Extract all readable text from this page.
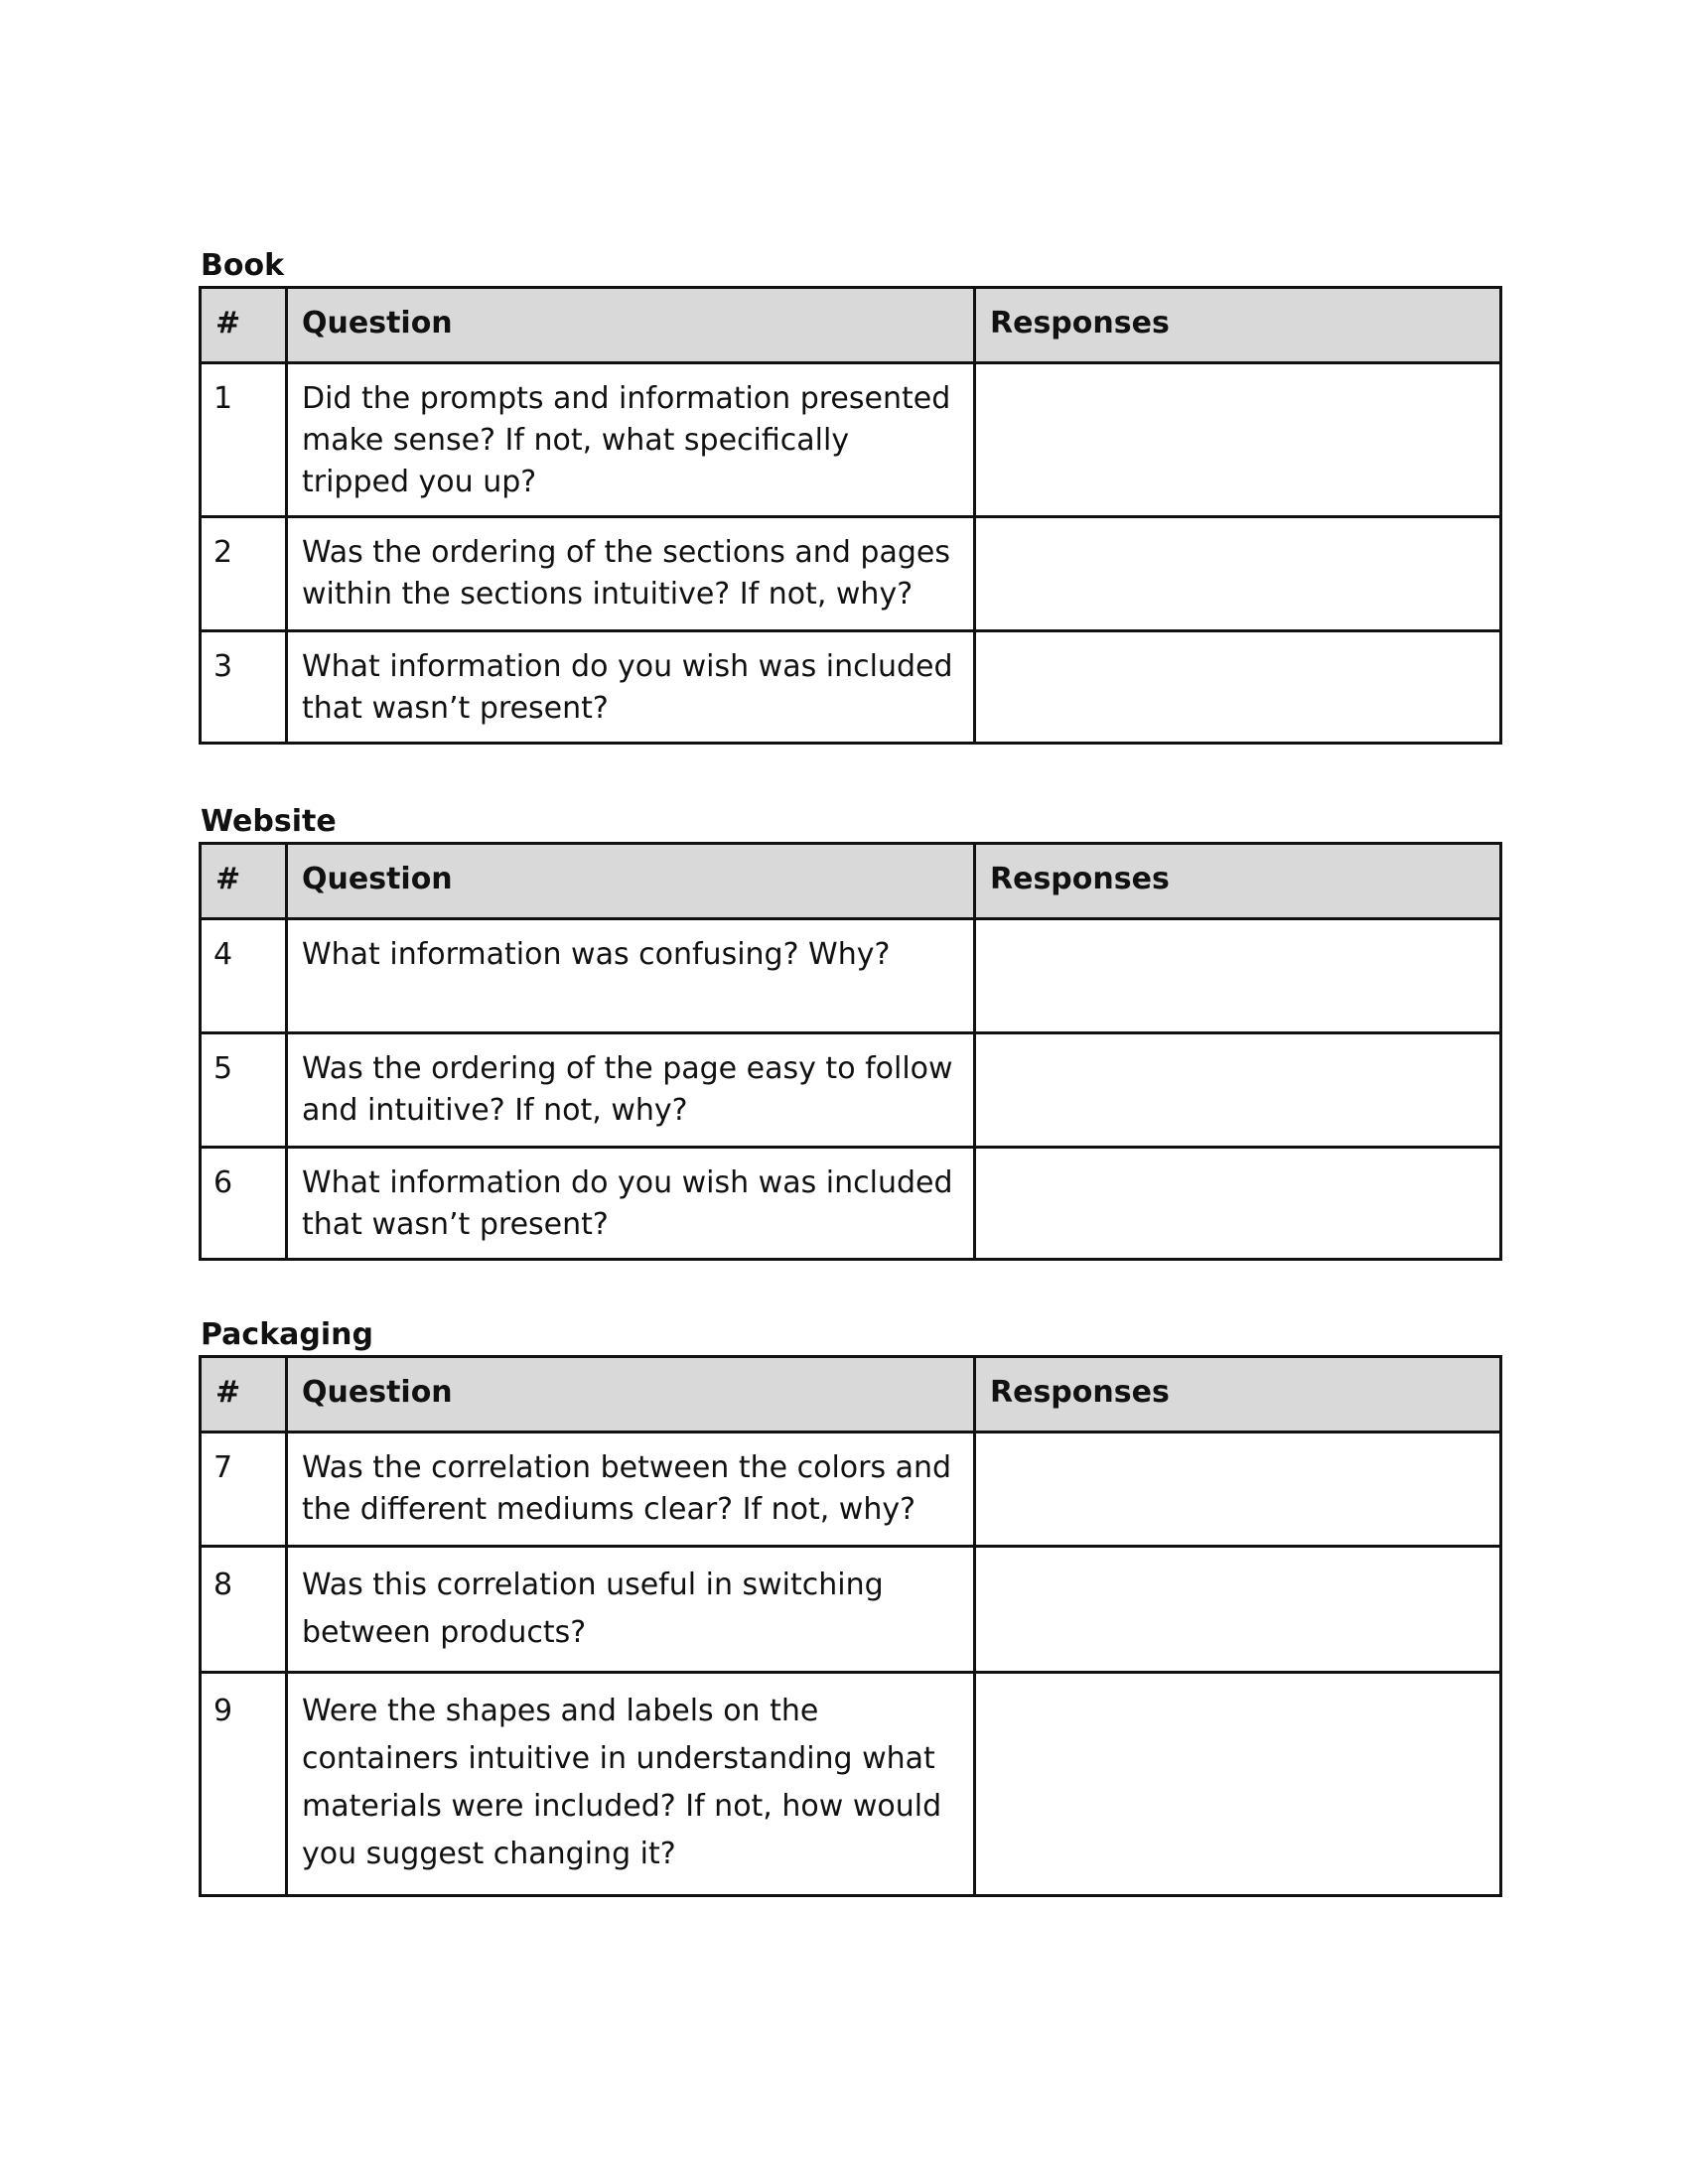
Book
#	Question	Responses
1	Did the prompts and information presented make sense? If not, what specifically tripped you up?	
2	Was the ordering of the sections and pages within the sections intuitive? If not, why?	
3	What information do you wish was included that wasn’t present?	
Website
#	Question	Responses
4	What information was confusing? Why?	
5	Was the ordering of the page easy to follow and intuitive? If not, why?	
6	What information do you wish was included that wasn’t present?	
Packaging
#	Question	Responses
7	Was the correlation between the colors and the different mediums clear? If not, why?	
8	Was this correlation useful in switching between products?	
9	Were the shapes and labels on the containers intuitive in understanding what materials were included? If not, how would you suggest changing it?	
